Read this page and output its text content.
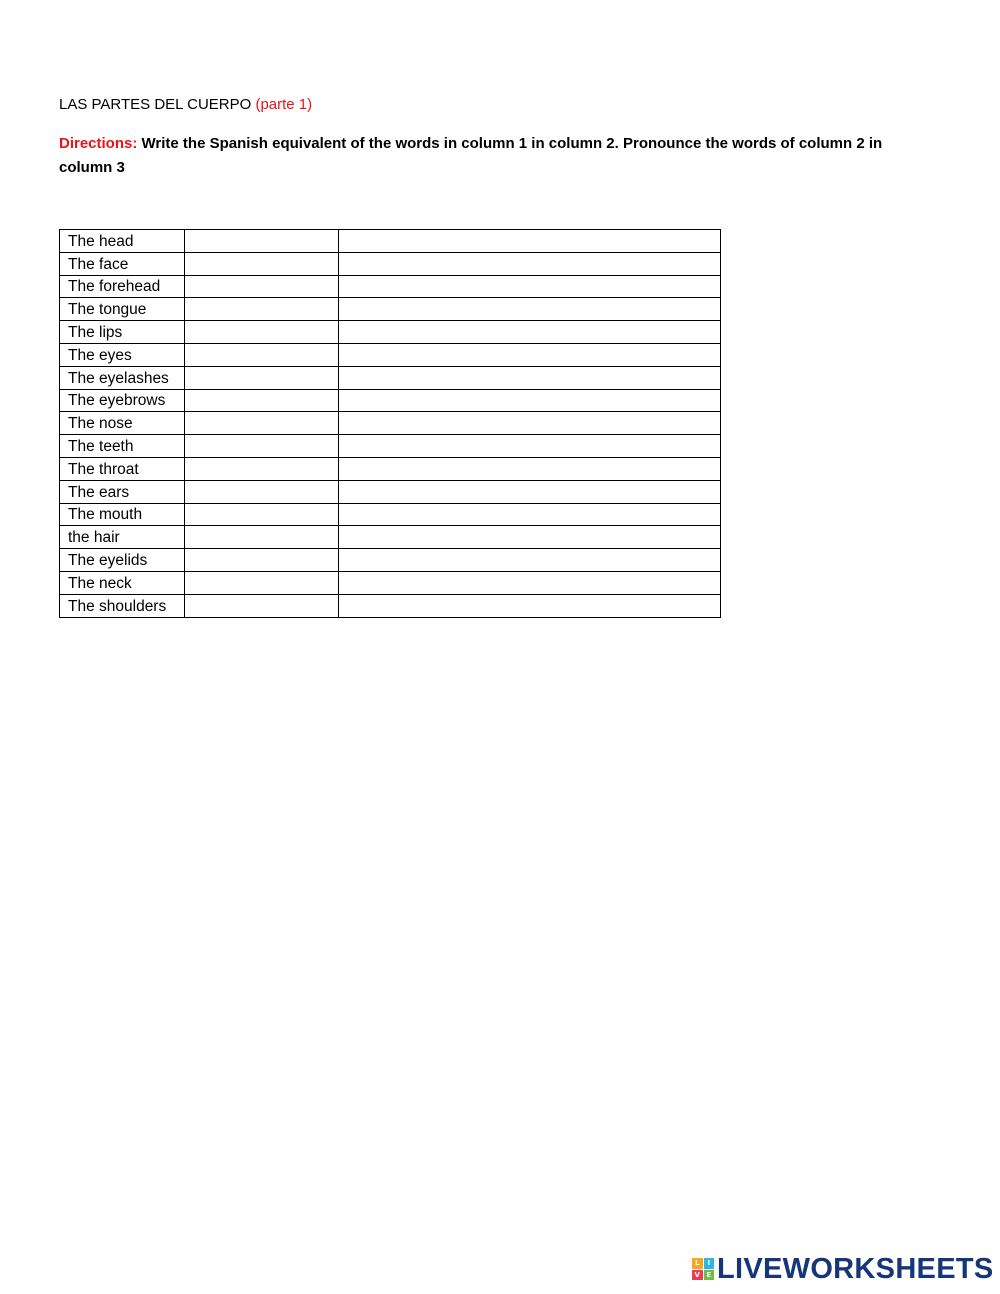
LAS PARTES DEL CUERPO (parte 1)
Directions: Write the Spanish equivalent of the words in column 1 in column 2. Pronounce the words of column 2 in column 3
The head		
The face		
The forehead		
The tongue		
The lips		
The eyes		
The eyelashes		
The eyebrows		
The nose		
The teeth		
The throat		
The ears		
The mouth		
the hair		
The eyelids		
The neck		
The shoulders		
L	I
V E LIVEWORKSHEETS
